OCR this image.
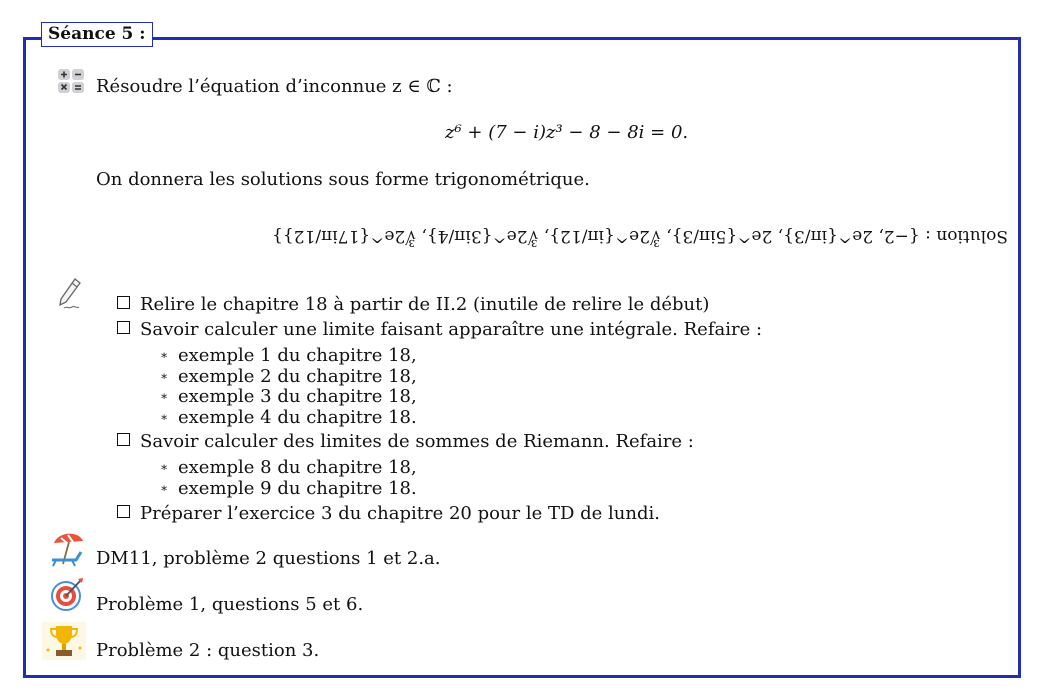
Séance 5 :
Résoudre l’équation d’inconnue z ∈ ℂ :
z⁶ + (7 − i)z³ − 8 − 8i = 0.
On donnera les solutions sous forme trigonométrique.
Solution : {−2, 2e^{iπ/3}, 2e^{5iπ/3}, ∛2e^{iπ/12}, ∛2e^{3iπ/4}, ∛2e^{17iπ/12}}
Relire le chapitre 18 à partir de II.2 (inutile de relire le début)
Savoir calculer une limite faisant apparaître une intégrale. Refaire :
∗ exemple 1 du chapitre 18,
∗ exemple 2 du chapitre 18,
∗ exemple 3 du chapitre 18,
∗ exemple 4 du chapitre 18.
Savoir calculer des limites de sommes de Riemann. Refaire :
∗ exemple 8 du chapitre 18,
∗ exemple 9 du chapitre 18.
Préparer l’exercice 3 du chapitre 20 pour le TD de lundi.
DM11, problème 2 questions 1 et 2.a.
Problème 1, questions 5 et 6.
Problème 2 : question 3.
